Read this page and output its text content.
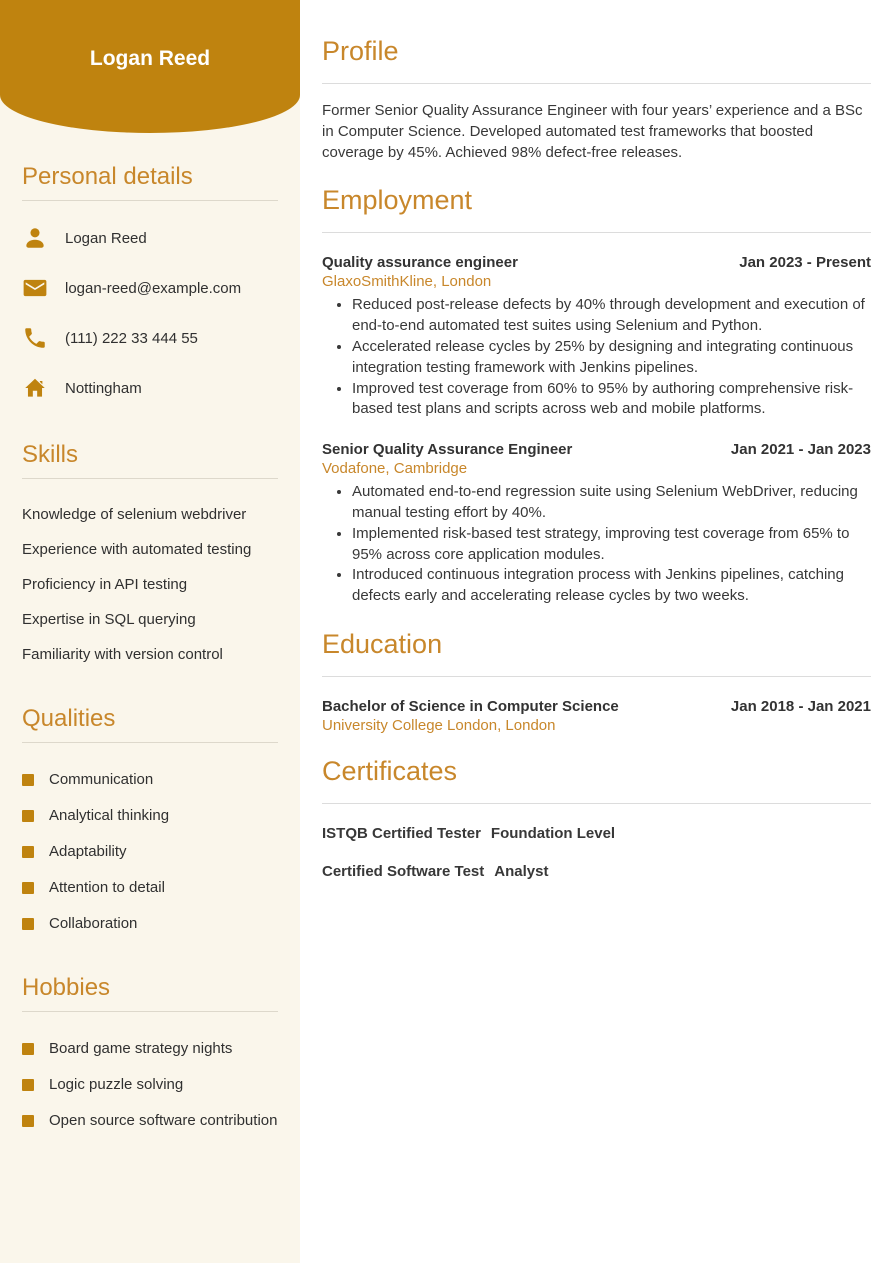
Logan Reed
Personal details
Logan Reed
logan-reed@example.com
(111) 222 33 444 55
Nottingham
Skills
Knowledge of selenium webdriver
Experience with automated testing
Proficiency in API testing
Expertise in SQL querying
Familiarity with version control
Qualities
Communication
Analytical thinking
Adaptability
Attention to detail
Collaboration
Hobbies
Board game strategy nights
Logic puzzle solving
Open source software contribution
Profile

Former Senior Quality Assurance Engineer with four years’ experience and a BSc in Computer Science. Developed automated test frameworks that boosted coverage by 45%. Achieved 98% defect-free releases.

Employment
Quality assurance engineer	Jan 2023 - Present
GlaxoSmithKline, London
• Reduced post-release defects by 40% through development and execution of end-to-end automated test suites using Selenium and Python.
• Accelerated release cycles by 25% by designing and integrating continuous integration testing framework with Jenkins pipelines.
• Improved test coverage from 60% to 95% by authoring comprehensive risk-based test plans and scripts across web and mobile platforms.
Senior Quality Assurance Engineer	Jan 2021 - Jan 2023
Vodafone, Cambridge
• Automated end-to-end regression suite using Selenium WebDriver, reducing manual testing effort by 40%.
• Implemented risk-based test strategy, improving test coverage from 65% to 95% across core application modules.
• Introduced continuous integration process with Jenkins pipelines, catching defects early and accelerating release cycles by two weeks.
Education
Bachelor of Science in Computer Science	Jan 2018 - Jan 2021
University College London, London
Certificates
ISTQB Certified Tester Foundation Level
Certified Software Test Analyst
